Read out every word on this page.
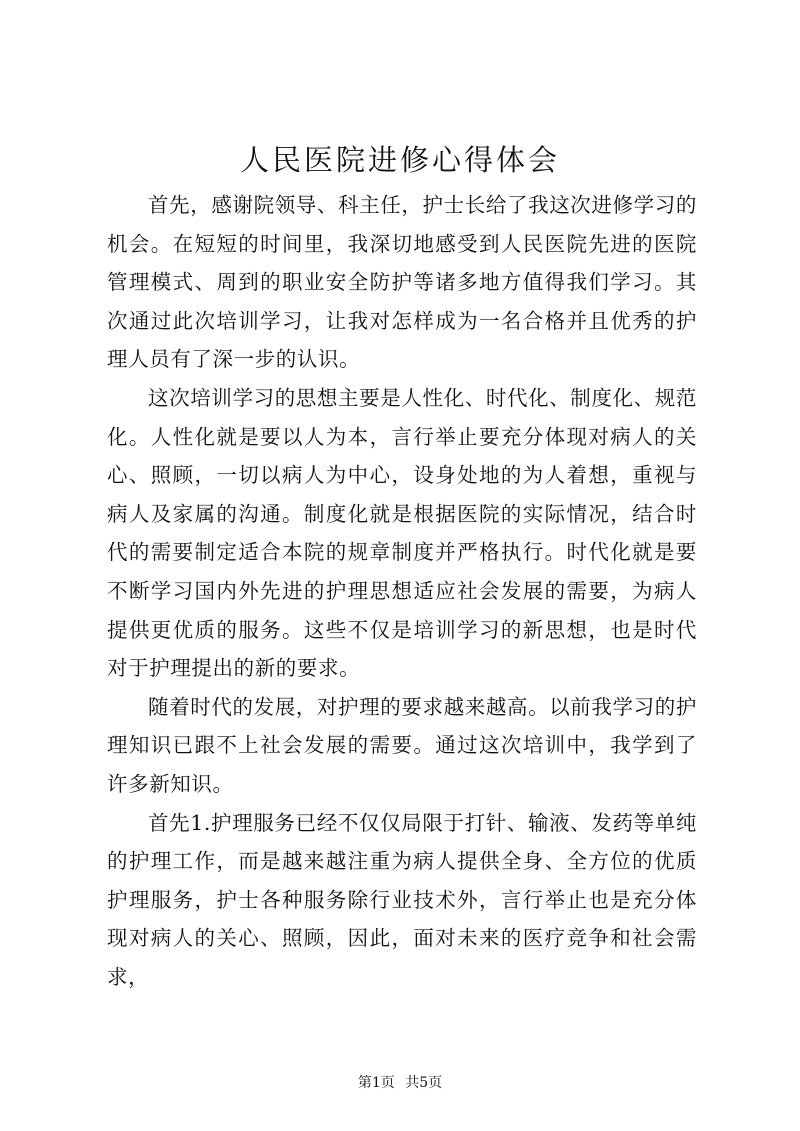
人民医院进修心得体会

首先，感谢院领导、科主任，护士长给了我这次进修学习的机会。在短短的时间里，我深切地感受到人民医院先进的医院管理模式、周到的职业安全防护等诸多地方值得我们学习。其次通过此次培训学习，让我对怎样成为一名合格并且优秀的护理人员有了深一步的认识。

这次培训学习的思想主要是人性化、时代化、制度化、规范化。人性化就是要以人为本，言行举止要充分体现对病人的关心、照顾，一切以病人为中心，设身处地的为人着想，重视与病人及家属的沟通。制度化就是根据医院的实际情况，结合时代的需要制定适合本院的规章制度并严格执行。时代化就是要不断学习国内外先进的护理思想适应社会发展的需要，为病人提供更优质的服务。这些不仅是培训学习的新思想，也是时代对于护理提出的新的要求。

随着时代的发展，对护理的要求越来越高。以前我学习的护理知识已跟不上社会发展的需要。通过这次培训中，我学到了许多新知识。

首先1.护理服务已经不仅仅局限于打针、输液、发药等单纯的护理工作，而是越来越注重为病人提供全身、全方位的优质护理服务，护士各种服务除行业技术外，言行举止也是充分体现对病人的关心、照顾，因此，面对未来的医疗竞争和社会需求，

第1页 共5页
